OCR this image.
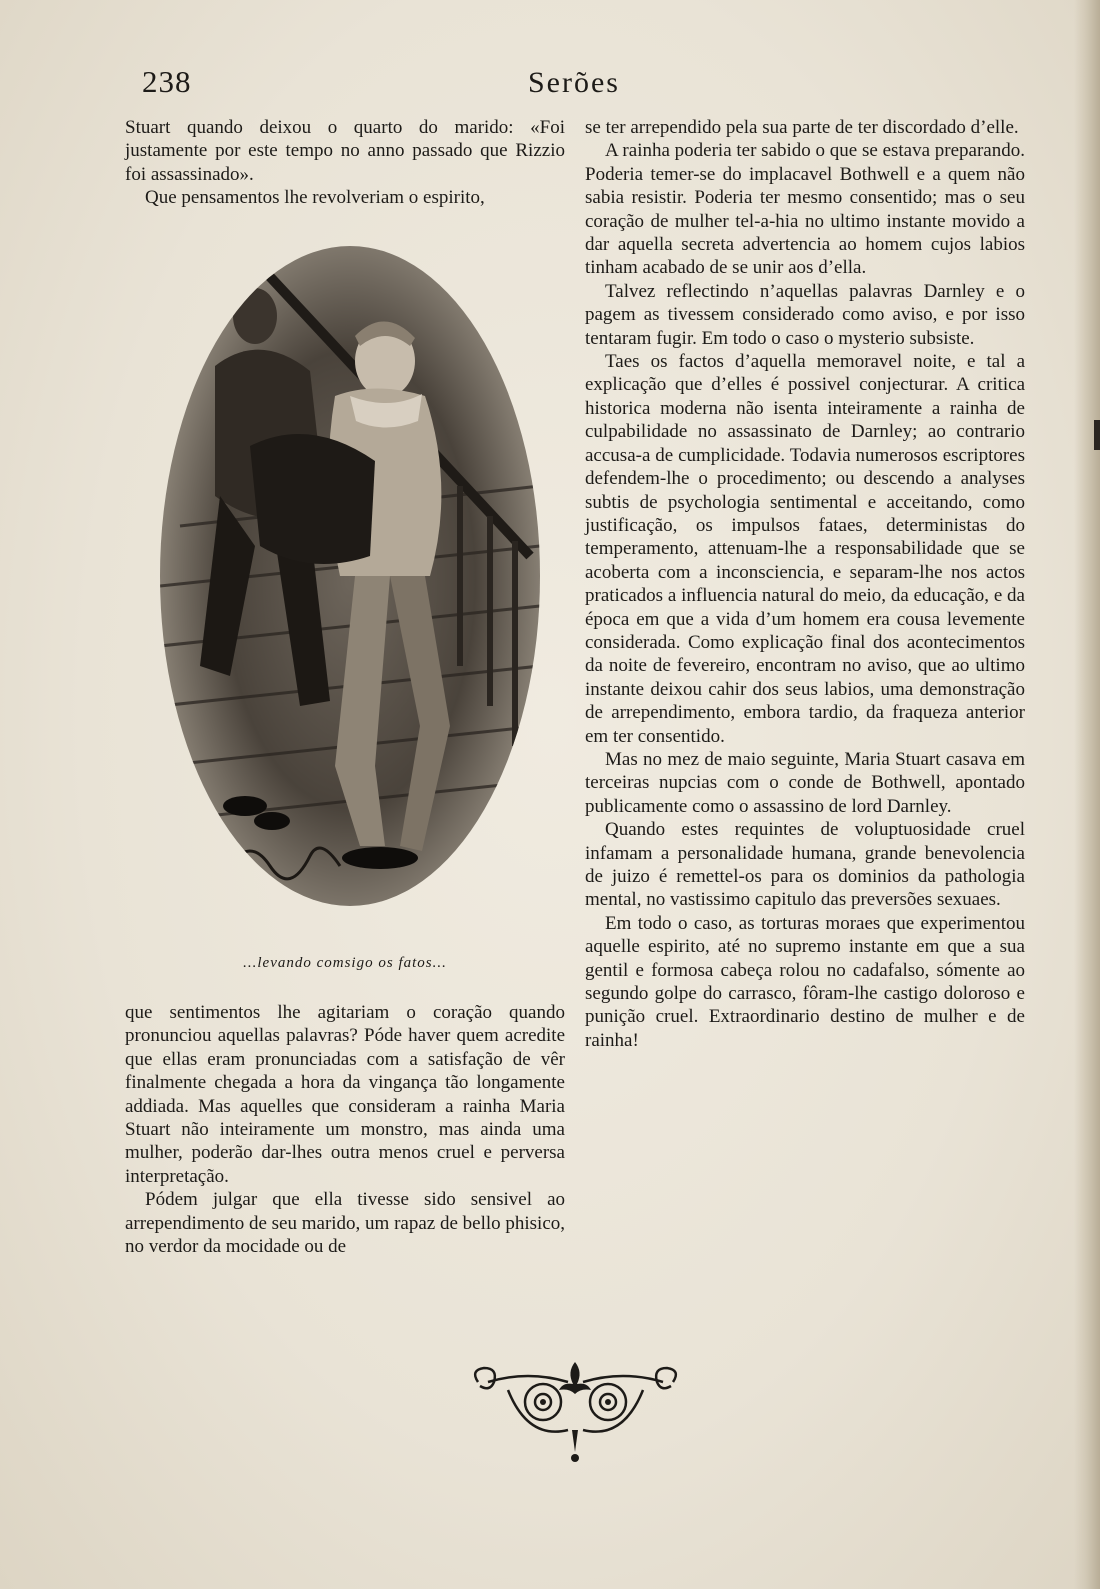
238	Serões

Stuart quando deixou o quarto do marido: «Foi justamente por este tempo no anno passado que Rizzio foi assassinado».

Que pensamentos lhe revolveriam o espirito,

...levando comsigo os fatos...

que sentimentos lhe agitariam o coração quando pronunciou aquellas palavras? Póde haver quem acredite que ellas eram pronunciadas com a satisfação de vêr finalmente chegada a hora da vingança tão longamente addiada. Mas aquelles que consideram a rainha Maria Stuart não inteiramente um monstro, mas ainda uma mulher, poderão dar-lhes outra menos cruel e perversa interpretação.

Pódem julgar que ella tivesse sido sensivel ao arrependimento de seu marido, um rapaz de bello phisico, no verdor da mocidade ou de

se ter arrependido pela sua parte de ter discordado d’elle.

A rainha poderia ter sabido o que se estava preparando. Poderia temer-se do implacavel Bothwell e a quem não sabia resistir. Poderia ter mesmo consentido; mas o seu coração de mulher tel-a-hia no ultimo instante movido a dar aquella secreta advertencia ao homem cujos labios tinham acabado de se unir aos d’ella.

Talvez reflectindo n’aquellas palavras Darnley e o pagem as tivessem considerado como aviso, e por isso tentaram fugir. Em todo o caso o mysterio subsiste.

Taes os factos d’aquella memoravel noite, e tal a explicação que d’elles é possivel conjecturar. A critica historica moderna não isenta inteiramente a rainha de culpabilidade no assassinato de Darnley; ao contrario accusa-a de cumplicidade. Todavia numerosos escriptores defendem-lhe o procedimento; ou descendo a analyses subtis de psychologia sentimental e acceitando, como justificação, os impulsos fataes, deterministas do temperamento, attenuam-lhe a responsabilidade que se acoberta com a inconsciencia, e separam-lhe nos actos praticados a influencia natural do meio, da educação, e da época em que a vida d’um homem era cousa levemente considerada. Como explicação final dos acontecimentos da noite de fevereiro, encontram no aviso, que ao ultimo instante deixou cahir dos seus labios, uma demonstração de arrependimento, embora tardio, da fraqueza anterior em ter consentido.

Mas no mez de maio seguinte, Maria Stuart casava em terceiras nupcias com o conde de Bothwell, apontado publicamente como o assassino de lord Darnley.

Quando estes requintes de voluptuosidade cruel infamam a personalidade humana, grande benevolencia de juizo é remettel-os para os dominios da pathologia mental, no vastissimo capitulo das preversões sexuaes.

Em todo o caso, as torturas moraes que experimentou aquelle espirito, até no supremo instante em que a sua gentil e formosa cabeça rolou no cadafalso, sómente ao segundo golpe do carrasco, fôram-lhe castigo doloroso e punição cruel. Extraordinario destino de mulher e de rainha!
